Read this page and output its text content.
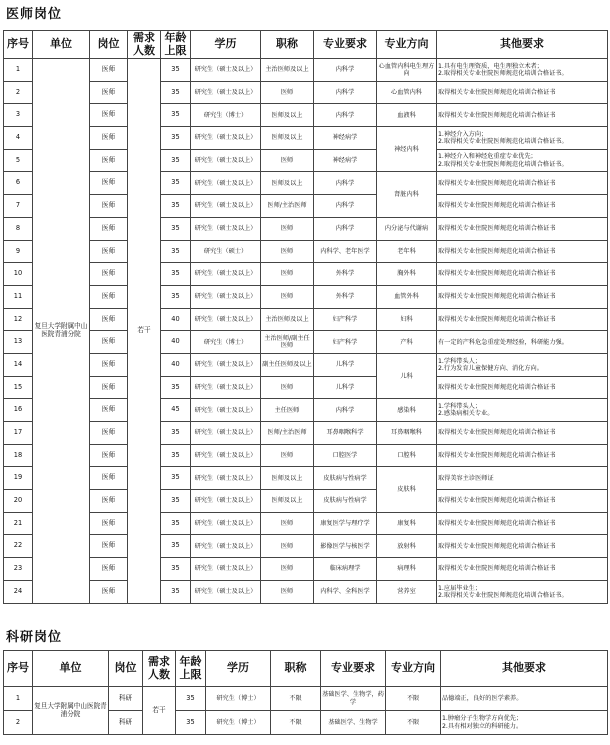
医师岗位
序号	单位	岗位	需求人数	年龄上限	学历	职称	专业要求	专业方向	其他要求
1	复旦大学附属中山医院青浦分院	医师	若干	35	研究生（硕士及以上）	主治医师及以上	内科学	心血管内科电生理方向	1.具有电生理资质，电生理独立术者；
2.取得相关专业住院医师规范化培训合格证书。
2		医师		35	研究生（硕士及以上）	医师	内科学	心血管内科	取得相关专业住院医师规范化培训合格证书
3		医师		35	研究生（博士）	医师及以上	内科学	血液科	取得相关专业住院医师规范化培训合格证书
4		医师		35	研究生（硕士及以上）	医师及以上	神经病学	神经内科	1.神经介入方向；
2.取得相关专业住院医师规范化培训合格证书。
5		医师		35	研究生（硕士及以上）	医师	神经病学		1.神经介入和神经危重症专业优先；
2.取得相关专业住院医师规范化培训合格证书。
6		医师		35	研究生（硕士及以上）	医师及以上	内科学	肾脏内科	取得相关专业住院医师规范化培训合格证书
7		医师		35	研究生（硕士及以上）	医师/主治医师	内科学		取得相关专业住院医师规范化培训合格证书
8		医师		35	研究生（硕士及以上）	医师	内科学	内分泌与代谢病	取得相关专业住院医师规范化培训合格证书
9		医师		35	研究生（硕士）	医师	内科学、老年医学	老年科	取得相关专业住院医师规范化培训合格证书
10		医师		35	研究生（硕士及以上）	医师	外科学	胸外科	取得相关专业住院医师规范化培训合格证书
11		医师		35	研究生（硕士及以上）	医师	外科学	血管外科	取得相关专业住院医师规范化培训合格证书
12		医师		40	研究生（硕士及以上）	主治医师及以上	妇产科学	妇科	取得相关专业住院医师规范化培训合格证书
13		医师		40	研究生（博士）	主治医师/副主任医师	妇产科学	产科	有一定的产科危急重症处理经验，科研能力强。
14		医师		40	研究生（硕士及以上）	副主任医师及以上	儿科学	儿科	1.学科带头人；
2.行为发育儿童保健方向、消化方向。
15		医师		35	研究生（硕士及以上）	医师	儿科学		取得相关专业住院医师规范化培训合格证书
16		医师		45	研究生（硕士及以上）	主任医师	内科学	感染科	1.学科带头人；
2.感染病相关专业。
17		医师		35	研究生（硕士及以上）	医师/主治医师	耳鼻咽喉科学	耳鼻咽喉科	取得相关专业住院医师规范化培训合格证书
18		医师		35	研究生（硕士及以上）	医师	口腔医学	口腔科	取得相关专业住院医师规范化培训合格证书
19		医师		35	研究生（硕士及以上）	医师及以上	皮肤病与性病学	皮肤科	取得美容主诊医师证
20		医师		35	研究生（硕士及以上）	医师及以上	皮肤病与性病学		取得相关专业住院医师规范化培训合格证书
21		医师		35	研究生（硕士及以上）	医师	康复医学与理疗学	康复科	取得相关专业住院医师规范化培训合格证书
22		医师		35	研究生（硕士及以上）	医师	影像医学与核医学	放射科	取得相关专业住院医师规范化培训合格证书
23		医师		35	研究生（硕士及以上）	医师	临床病理学	病理科	取得相关专业住院医师规范化培训合格证书
24		医师		35	研究生（硕士及以上）	医师	内科学、全科医学	营养室	1.应届毕业生；
2.取得相关专业住院医师规范化培训合格证书。
科研岗位
序号	单位	岗位	需求人数	年龄上限	学历	职称	专业要求	专业方向	其他要求
1	复旦大学附属中山医院青浦分院	科研	若干	35	研究生（博士）	不限	基础医学、生物学，药学	不限	品德端正，良好的医学素养。
2		科研		35	研究生（博士）	不限	基础医学、生物学	不限	1.肿瘤分子生物学方向优先；
2.具有相对独立的科研能力。
